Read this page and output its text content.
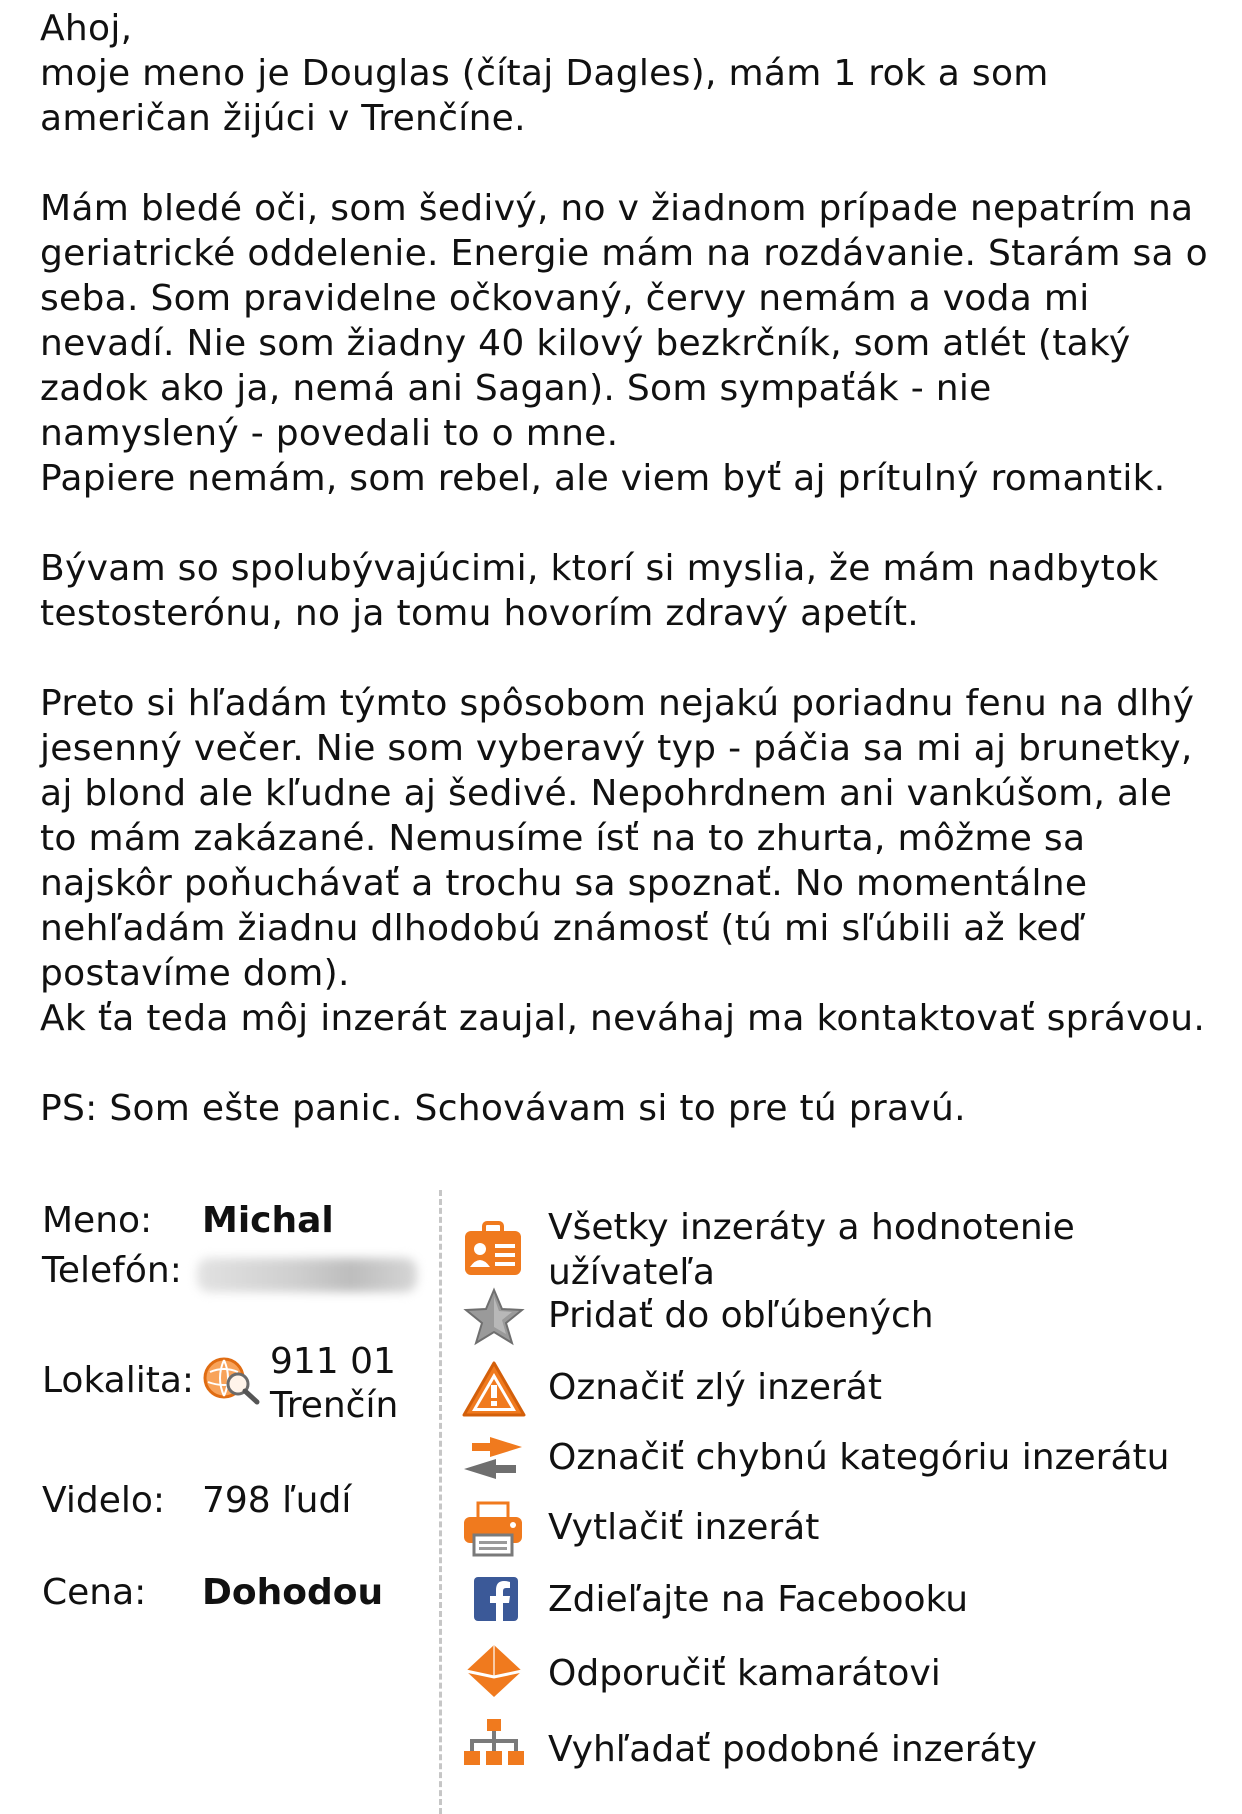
Ahoj,
moje meno je Douglas (čítaj Dagles), mám 1 rok a som
američan žijúci v Trenčíne.

Mám bledé oči, som šedivý, no v žiadnom prípade nepatrím na
geriatrické oddelenie. Energie mám na rozdávanie. Starám sa o
seba. Som pravidelne očkovaný, červy nemám a voda mi
nevadí. Nie som žiadny 40 kilový bezkrčník, som atlét (taký
zadok ako ja, nemá ani Sagan). Som sympaťák - nie
namyslený - povedali to o mne.
Papiere nemám, som rebel, ale viem byť aj prítulný romantik.

Bývam so spolubývajúcimi, ktorí si myslia, že mám nadbytok
testosterónu, no ja tomu hovorím zdravý apetít.

Preto si hľadám týmto spôsobom nejakú poriadnu fenu na dlhý
jesenný večer. Nie som vyberavý typ - páčia sa mi aj brunetky,
aj blond ale kľudne aj šedivé. Nepohrdnem ani vankúšom, ale
to mám zakázané. Nemusíme ísť na to zhurta, môžme sa
najskôr poňuchávať a trochu sa spoznať. No momentálne
nehľadám žiadnu dlhodobú známosť (tú mi sľúbili až keď
postavíme dom).
Ak ťa teda môj inzerát zaujal, neváhaj ma kontaktovať správou.

PS: Som ešte panic. Schovávam si to pre tú pravú.

Meno: Michal
Telefón:
Lokalita: 911 01
Trenčín
Videlo: 798 ľudí
Cena: Dohodou
Všetky inzeráty a hodnotenie
užívateľa
Pridať do obľúbených
Označiť zlý inzerát
Označiť chybnú kategóriu inzerátu
Vytlačiť inzerát
Zdieľajte na Facebooku
Odporučiť kamarátovi
Vyhľadať podobné inzeráty
